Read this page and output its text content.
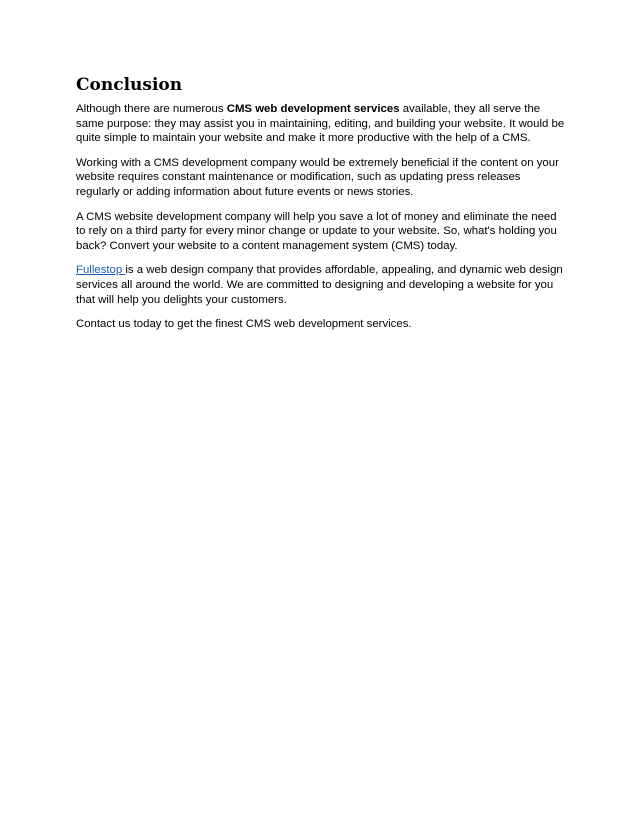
Conclusion

Although there are numerous CMS web development services available, they all serve the same purpose: they may assist you in maintaining, editing, and building your website. It would be quite simple to maintain your website and make it more productive with the help of a CMS.

Working with a CMS development company would be extremely beneficial if the content on your website requires constant maintenance or modification, such as updating press releases regularly or adding information about future events or news stories.

A CMS website development company will help you save a lot of money and eliminate the need to rely on a third party for every minor change or update to your website. So, what's holding you back? Convert your website to a content management system (CMS) today.

Fullestop is a web design company that provides affordable, appealing, and dynamic web design services all around the world. We are committed to designing and developing a website for you that will help you delights your customers.

Contact us today to get the finest CMS web development services.
